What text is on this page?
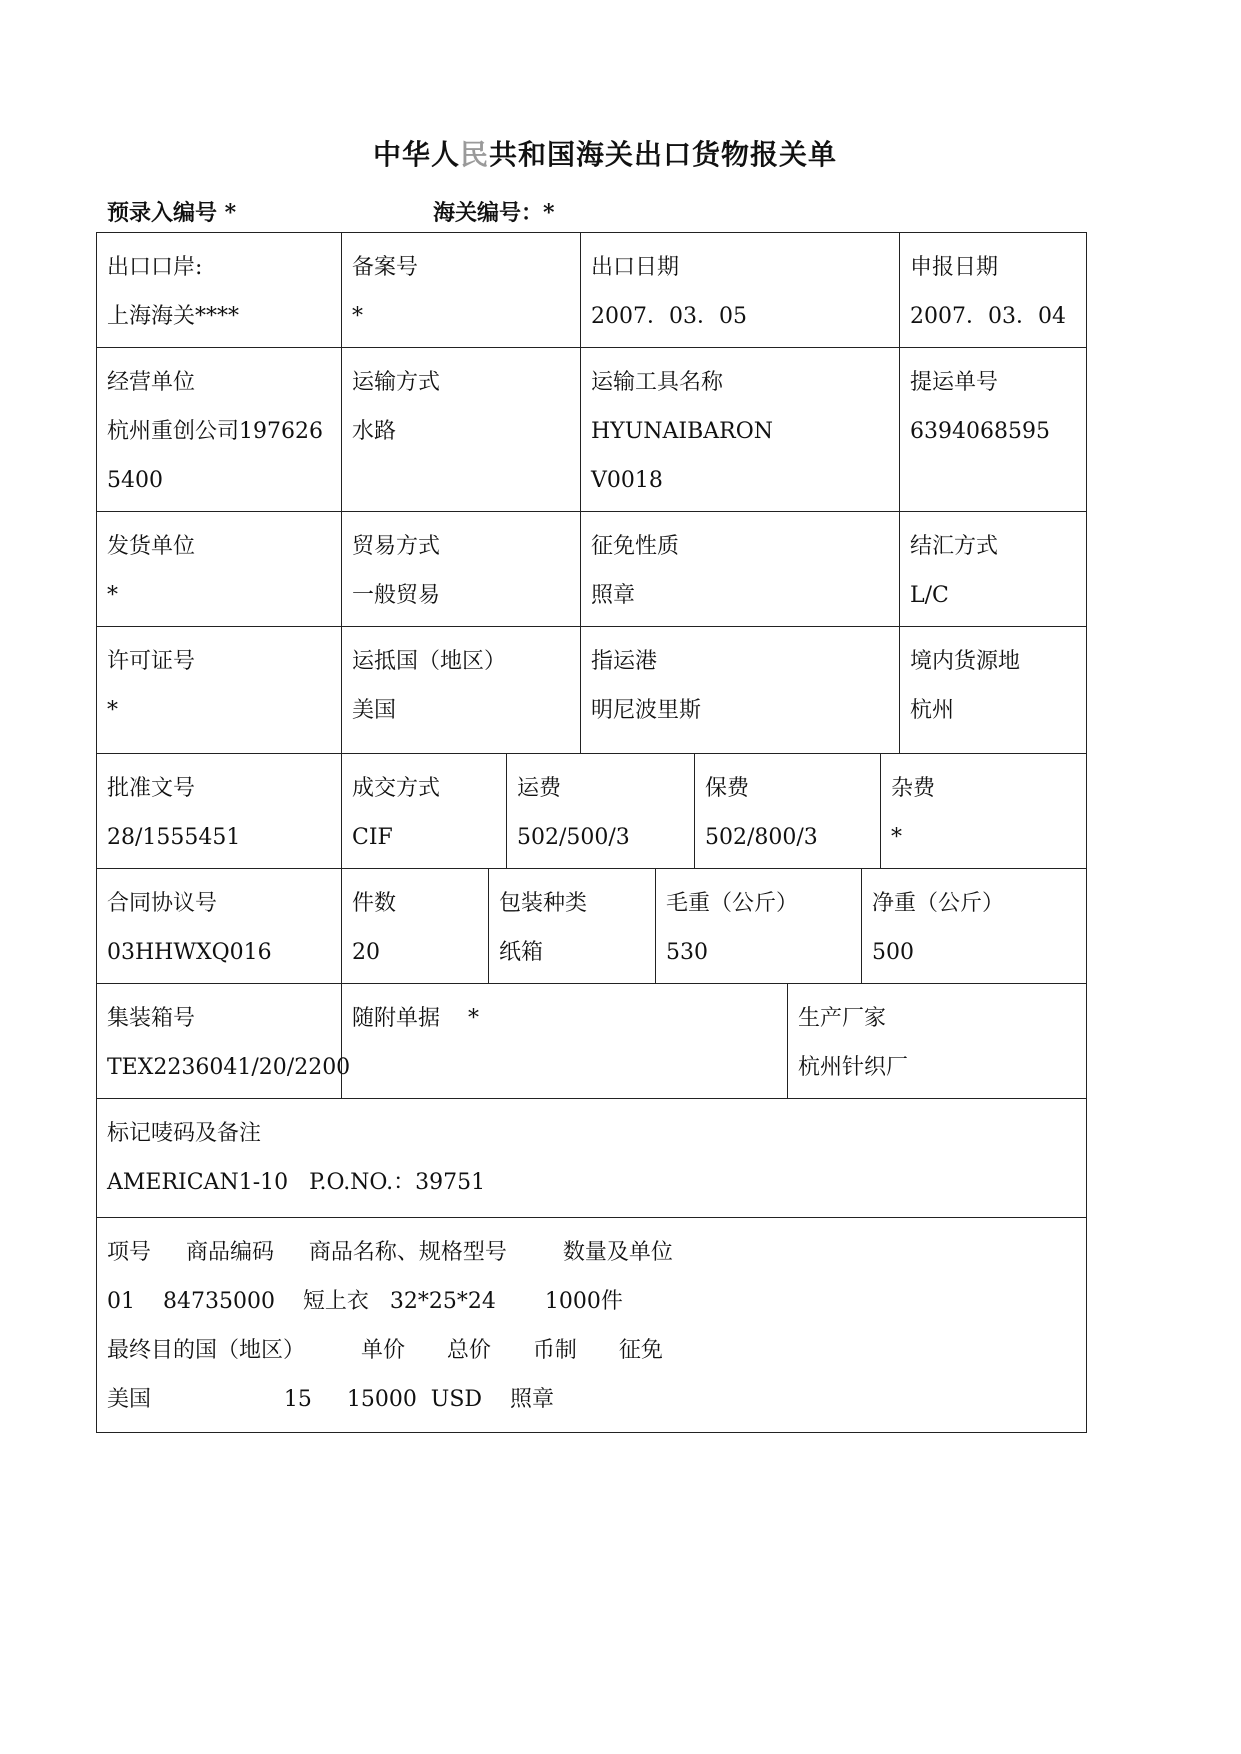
中华人民共和国海关出口货物报关单
预录入编号 *	海关编号：*
出口口岸:
上海海关****
备案号
*
出口日期
2007．03．05
申报日期
2007．03．04
经营单位
杭州重创公司197626
5400
运输方式
水路
运输工具名称
HYUNAIBARON
V0018
提运单号
6394068595
发货单位
*
贸易方式
一般贸易
征免性质
照章
结汇方式
L/C
许可证号
*
运抵国（地区）
美国
指运港
明尼波里斯
境内货源地
杭州
批准文号
28/1555451
成交方式
CIF
运费
502/500/3
保费
502/800/3
杂费
*
合同协议号
03HHWXQ016
件数
20
包装种类
纸箱
毛重（公斤）
530
净重（公斤）
500
集装箱号
TEX2236041/20/2200
随附单据    *
	生产厂家
杭州针织厂
标记唛码及备注
AMERICAN1-10   P.O.NO.：39751
项号     商品编码     商品名称、规格型号        数量及单位
01    84735000    短上衣   32*25*24       1000件
最终目的国（地区）        单价      总价      币制      征免
美国                   15     15000  USD    照章
